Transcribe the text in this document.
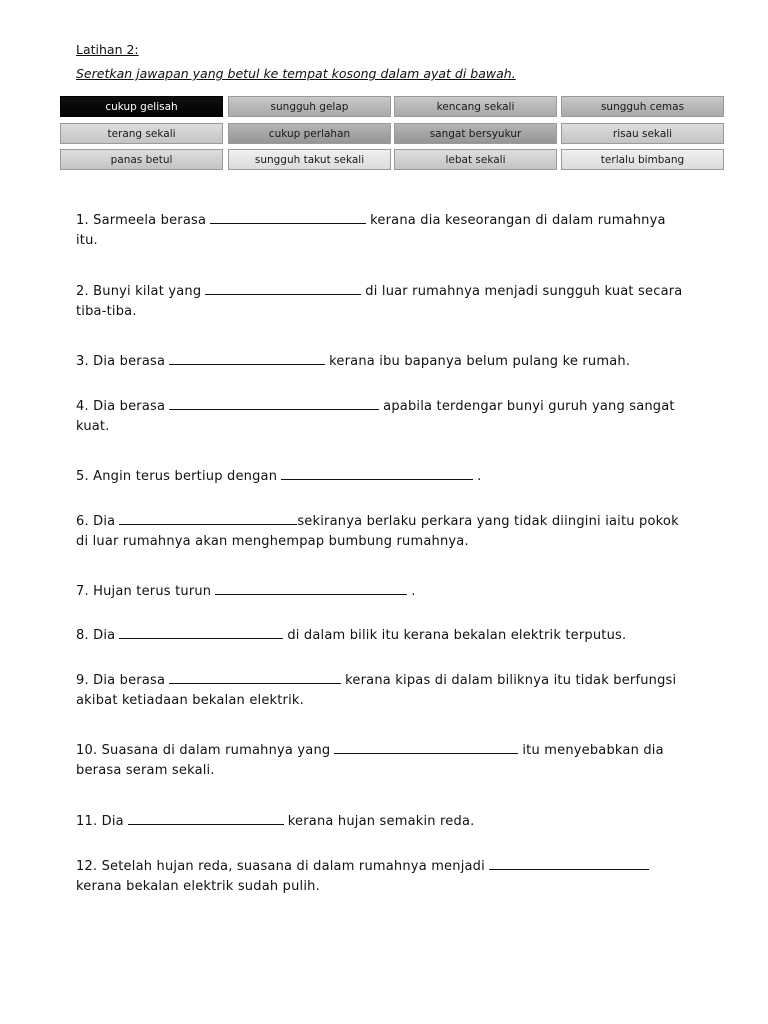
Latihan 2:
Seretkan jawapan yang betul ke tempat kosong dalam ayat di bawah.
cukup gelisah	sungguh gelap	kencang sekali	sungguh cemas
terang sekali	cukup perlahan	sangat bersyukur	risau sekali
panas betul	sungguh takut sekali	lebat sekali	terlalu bimbang
1. Sarmeela berasa	kerana dia keseorangan di dalam rumahnya
itu.
2. Bunyi kilat yang	di luar rumahnya menjadi sungguh kuat secara
tiba-tiba.
3. Dia berasa	kerana ibu bapanya belum pulang ke rumah.
4. Dia berasa	apabila terdengar bunyi guruh yang sangat
kuat.
5. Angin terus bertiup dengan	.
6. Dia	sekiranya berlaku perkara yang tidak diingini iaitu pokok
di luar rumahnya akan menghempap bumbung rumahnya.
7. Hujan terus turun	.
8. Dia	di dalam bilik itu kerana bekalan elektrik terputus.
9. Dia berasa	kerana kipas di dalam biliknya itu tidak berfungsi
akibat ketiadaan bekalan elektrik.
10. Suasana di dalam rumahnya yang	itu menyebabkan dia
berasa seram sekali.
11. Dia	kerana hujan semakin reda.
12. Setelah hujan reda, suasana di dalam rumahnya menjadi
kerana bekalan elektrik sudah pulih.
